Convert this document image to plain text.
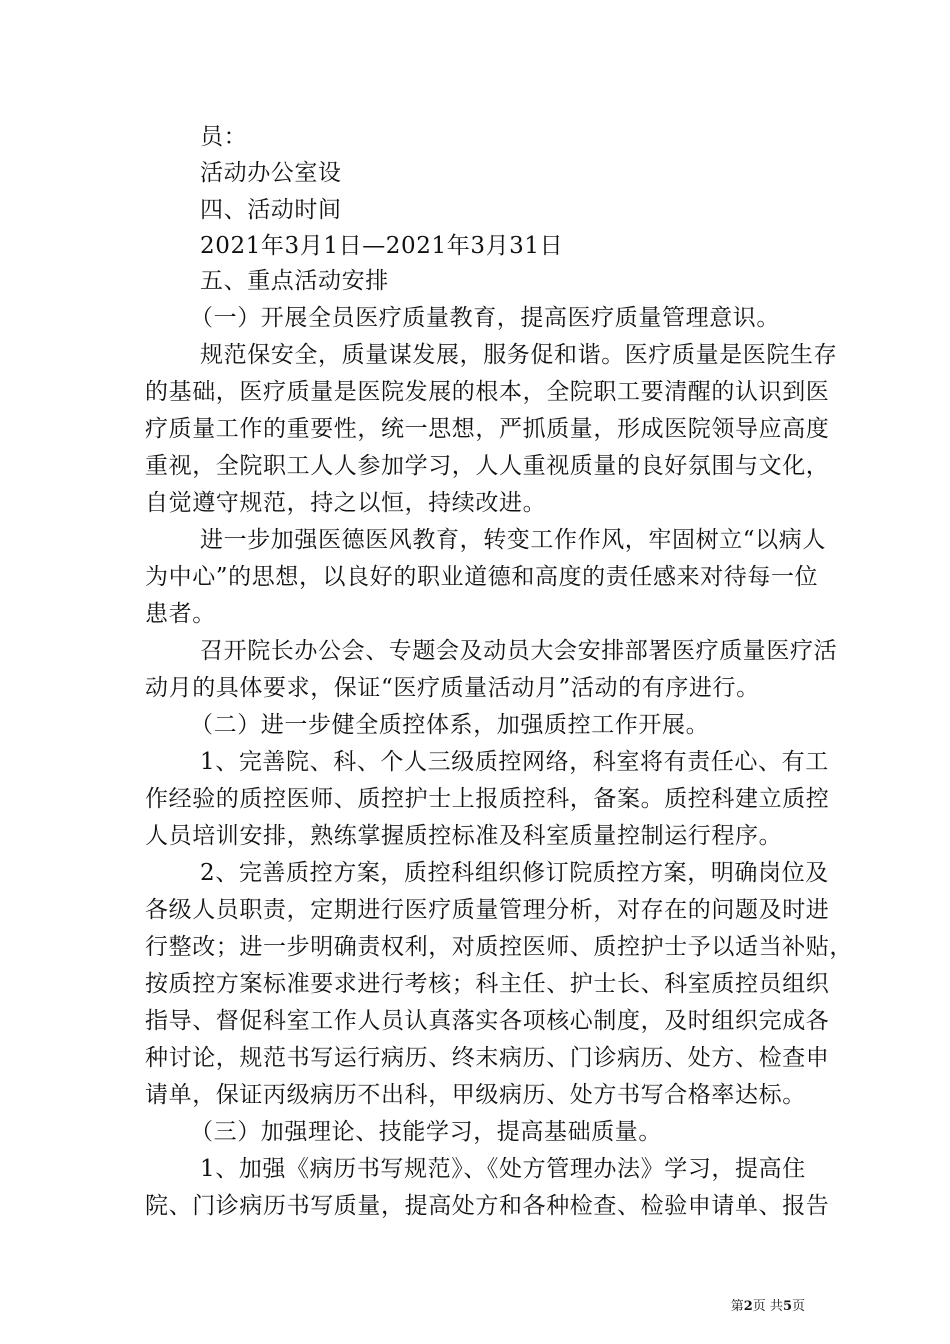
员：
活动办公室设
四、活动时间
2021年3月1日—2021年3月31日
五、重点活动安排
（一）开展全员医疗质量教育，提高医疗质量管理意识。
规范保安全，质量谋发展，服务促和谐。医疗质量是医院生存
的基础，医疗质量是医院发展的根本，全院职工要清醒的认识到医
疗质量工作的重要性，统一思想，严抓质量，形成医院领导应高度
重视，全院职工人人参加学习，人人重视质量的良好氛围与文化，
自觉遵守规范，持之以恒，持续改进。
进一步加强医德医风教育，转变工作作风，牢固树立“以病人
为中心”的思想，以良好的职业道德和高度的责任感来对待每一位
患者。
召开院长办公会、专题会及动员大会安排部署医疗质量医疗活
动月的具体要求，保证“医疗质量活动月”活动的有序进行。
（二）进一步健全质控体系，加强质控工作开展。
1、完善院、科、个人三级质控网络，科室将有责任心、有工
作经验的质控医师、质控护士上报质控科，备案。质控科建立质控
人员培训安排，熟练掌握质控标准及科室质量控制运行程序。
2、完善质控方案，质控科组织修订院质控方案，明确岗位及
各级人员职责，定期进行医疗质量管理分析，对存在的问题及时进
行整改；进一步明确责权利，对质控医师、质控护士予以适当补贴，
按质控方案标准要求进行考核；科主任、护士长、科室质控员组织
指导、督促科室工作人员认真落实各项核心制度，及时组织完成各
种讨论，规范书写运行病历、终末病历、门诊病历、处方、检查申
请单，保证丙级病历不出科，甲级病历、处方书写合格率达标。
（三）加强理论、技能学习，提高基础质量。
1、加强《病历书写规范》、《处方管理办法》学习，提高住
院、门诊病历书写质量，提高处方和各种检查、检验申请单、报告
第2页 共5页
